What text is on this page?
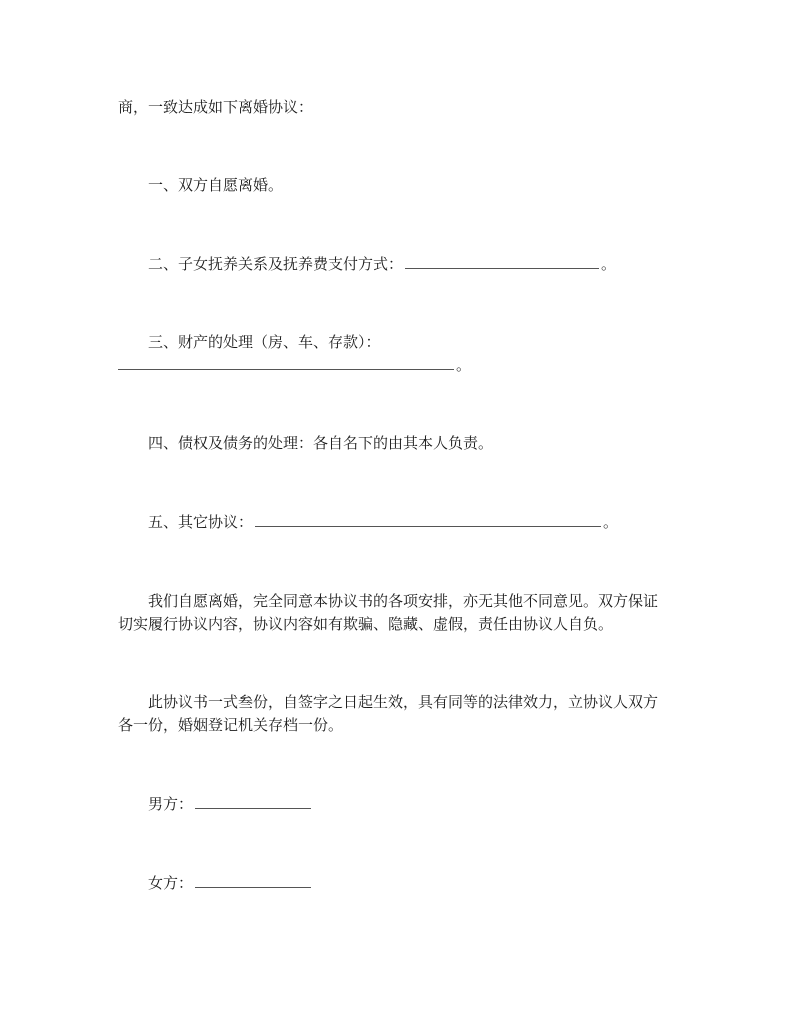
商，一致达成如下离婚协议：
一、双方自愿离婚。
二、子女抚养关系及抚养费支付方式：	。
三、财产的处理（房、车、存款）：
。
四、债权及债务的处理：各自名下的由其本人负责。
五、其它协议：	。
我们自愿离婚，完全同意本协议书的各项安排，亦无其他不同意见。双方保证
切实履行协议内容，协议内容如有欺骗、隐藏、虚假，责任由协议人自负。
此协议书一式叁份，自签字之日起生效，具有同等的法律效力，立协议人双方
各一份，婚姻登记机关存档一份。
男方：
女方：
